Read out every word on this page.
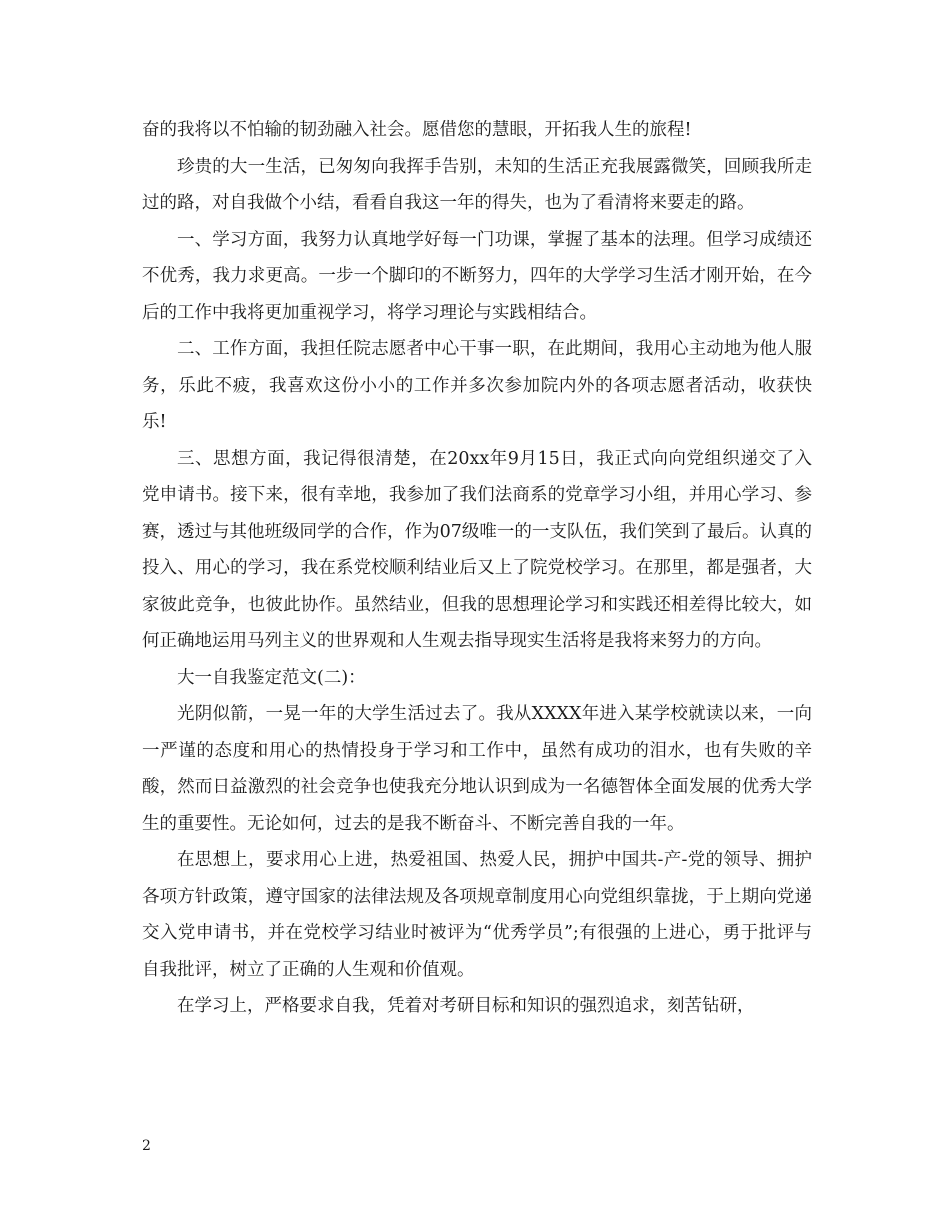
奋的我将以不怕输的韧劲融入社会。愿借您的慧眼，开拓我人生的旅程!

珍贵的大一生活，已匆匆向我挥手告别，未知的生活正充我展露微笑，回顾我所走过的路，对自我做个小结，看看自我这一年的得失，也为了看清将来要走的路。

一、学习方面，我努力认真地学好每一门功课，掌握了基本的法理。但学习成绩还不优秀，我力求更高。一步一个脚印的不断努力，四年的大学学习生活才刚开始，在今后的工作中我将更加重视学习，将学习理论与实践相结合。

二、工作方面，我担任院志愿者中心干事一职，在此期间，我用心主动地为他人服务，乐此不疲，我喜欢这份小小的工作并多次参加院内外的各项志愿者活动，收获快乐!

三、思想方面，我记得很清楚，在20xx年9月15日，我正式向向党组织递交了入党申请书。接下来，很有幸地，我参加了我们法商系的党章学习小组，并用心学习、参赛，透过与其他班级同学的合作，作为07级唯一的一支队伍，我们笑到了最后。认真的投入、用心的学习，我在系党校顺利结业后又上了院党校学习。在那里，都是强者，大家彼此竞争，也彼此协作。虽然结业，但我的思想理论学习和实践还相差得比较大，如何正确地运用马列主义的世界观和人生观去指导现实生活将是我将来努力的方向。

大一自我鉴定范文(二)：

光阴似箭，一晃一年的大学生活过去了。我从XXXX年进入某学校就读以来，一向一严谨的态度和用心的热情投身于学习和工作中，虽然有成功的泪水，也有失败的辛酸，然而日益激烈的社会竞争也使我充分地认识到成为一名德智体全面发展的优秀大学生的重要性。无论如何，过去的是我不断奋斗、不断完善自我的一年。

在思想上，要求用心上进，热爱祖国、热爱人民，拥护中国共-产-党的领导、拥护各项方针政策，遵守国家的法律法规及各项规章制度用心向党组织靠拢，于上期向党递交入党申请书，并在党校学习结业时被评为“优秀学员”;有很强的上进心，勇于批评与自我批评，树立了正确的人生观和价值观。

在学习上，严格要求自我，凭着对考研目标和知识的强烈追求，刻苦钻研，

2
